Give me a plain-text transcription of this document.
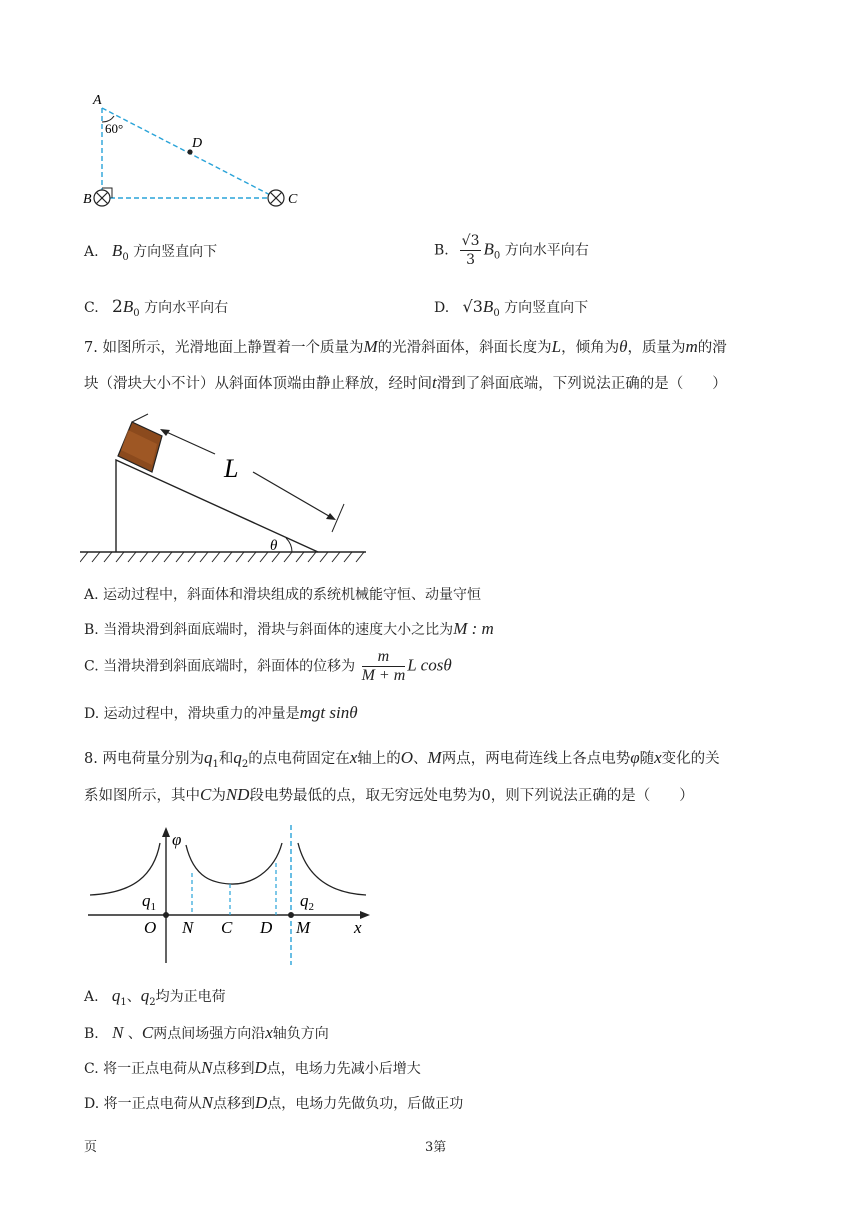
A
60°
D
B	C
A. $B_0$ 方向竖直向下	B. $\frac{√3}{3} B_0$ 方向水平向右
C. $2B_0$ 方向水平向右	D. $√3B_0$ 方向竖直向下
7. 如图所示，光滑地面上静置着一个质量为M的光滑斜面体，斜面长度为L，倾角为θ，质量为m的滑
块（滑块大小不计）从斜面体顶端由静止释放，经时间t滑到了斜面底端，下列说法正确的是（　　）
L
θ
A. 运动过程中，斜面体和滑块组成的系统机械能守恒、动量守恒
B. 当滑块滑到斜面底端时，滑块与斜面体的速度大小之比为M : m
C. 当滑块滑到斜面底端时，斜面体的位移为 $\frac{m}{M + m}$ L cosθ
D. 运动过程中，滑块重力的冲量是mgt sinθ
8. 两电荷量分别为$q_1$和$q_2$的点电荷固定在x轴上的O、M两点，两电荷连线上各点电势φ随x变化的关
系如图所示，其中C为ND段电势最低的点，取无穷远处电势为0，则下列说法正确的是（　　）
φ
$q_1$	$q_2$
O N C D M	x
A. $q_1$、$q_2$均为正电荷
B. N 、C两点间场强方向沿x轴负方向
C. 将一正点电荷从N点移到D点，电场力先减小后增大
D. 将一正点电荷从N点移到D点，电场力先做负功，后做正功
页	3第
